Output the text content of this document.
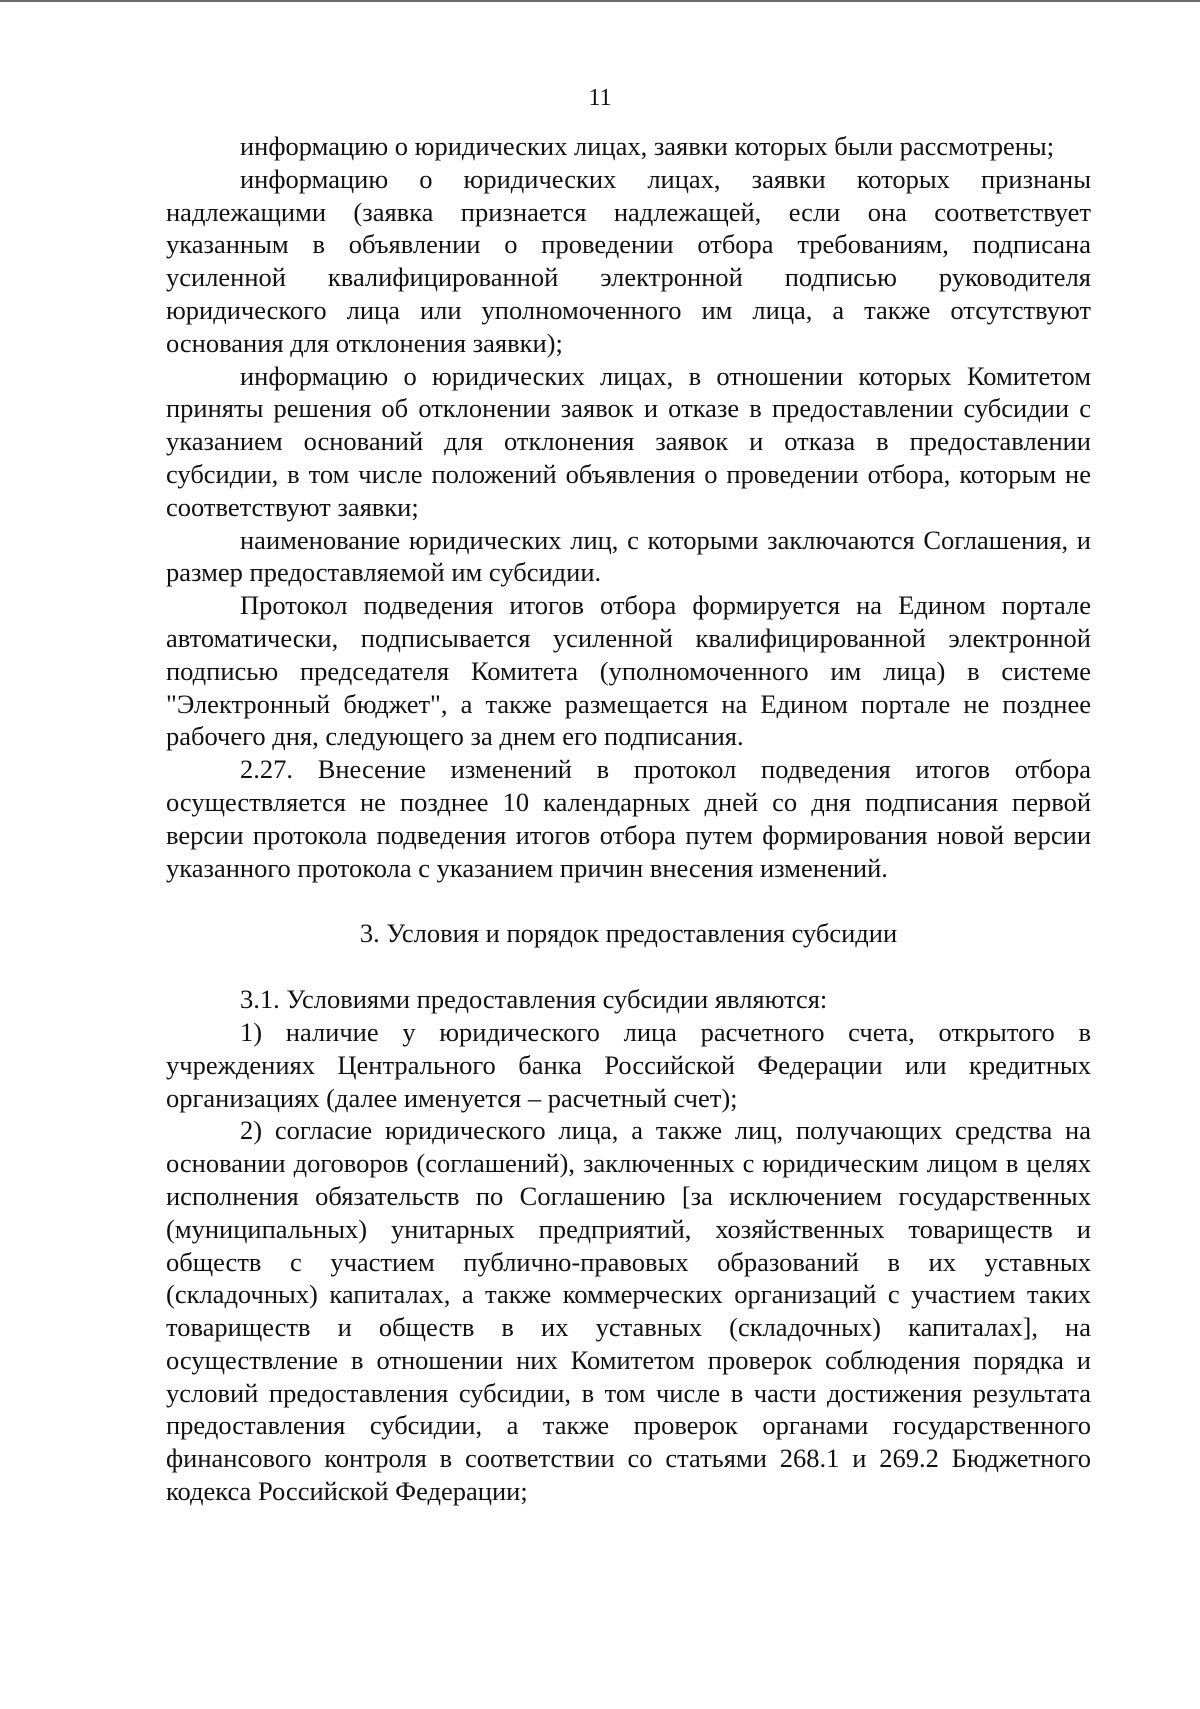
11

информацию о юридических лицах, заявки которых были рассмотрены;

информацию о юридических лицах, заявки которых признаны надлежащими (заявка признается надлежащей, если она соответствует указанным в объявлении о проведении отбора требованиям, подписана усиленной квалифицированной электронной подписью руководителя юридического лица или уполномоченного им лица, а также отсутствуют основания для отклонения заявки);

информацию о юридических лицах, в отношении которых Комитетом приняты решения об отклонении заявок и отказе в предоставлении субсидии с указанием оснований для отклонения заявок и отказа в предоставлении субсидии, в том числе положений объявления о проведении отбора, которым не соответствуют заявки;

наименование юридических лиц, с которыми заключаются Соглашения, и размер предоставляемой им субсидии.

Протокол подведения итогов отбора формируется на Едином портале автоматически, подписывается усиленной квалифицированной электронной подписью председателя Комитета (уполномоченного им лица) в системе "Электронный бюджет", а также размещается на Едином портале не позднее рабочего дня, следующего за днем его подписания.

2.27. Внесение изменений в протокол подведения итогов отбора осуществляется не позднее 10 календарных дней со дня подписания первой версии протокола подведения итогов отбора путем формирования новой версии указанного протокола с указанием причин внесения изменений.

3. Условия и порядок предоставления субсидии

3.1. Условиями предоставления субсидии являются:

1) наличие у юридического лица расчетного счета, открытого в учреждениях Центрального банка Российской Федерации или кредитных организациях (далее именуется – расчетный счет);

2) согласие юридического лица, а также лиц, получающих средства на основании договоров (соглашений), заключенных с юридическим лицом в целях исполнения обязательств по Соглашению [за исключением государственных (муниципальных) унитарных предприятий, хозяйственных товариществ и обществ с участием публично-правовых образований в их уставных (складочных) капиталах, а также коммерческих организаций с участием таких товариществ и обществ в их уставных (складочных) капиталах], на осуществление в отношении них Комитетом проверок соблюдения порядка и условий предоставления субсидии, в том числе в части достижения результата предоставления субсидии, а также проверок органами государственного финансового контроля в соответствии со статьями 268.1 и 269.2 Бюджетного кодекса Российской Федерации;
